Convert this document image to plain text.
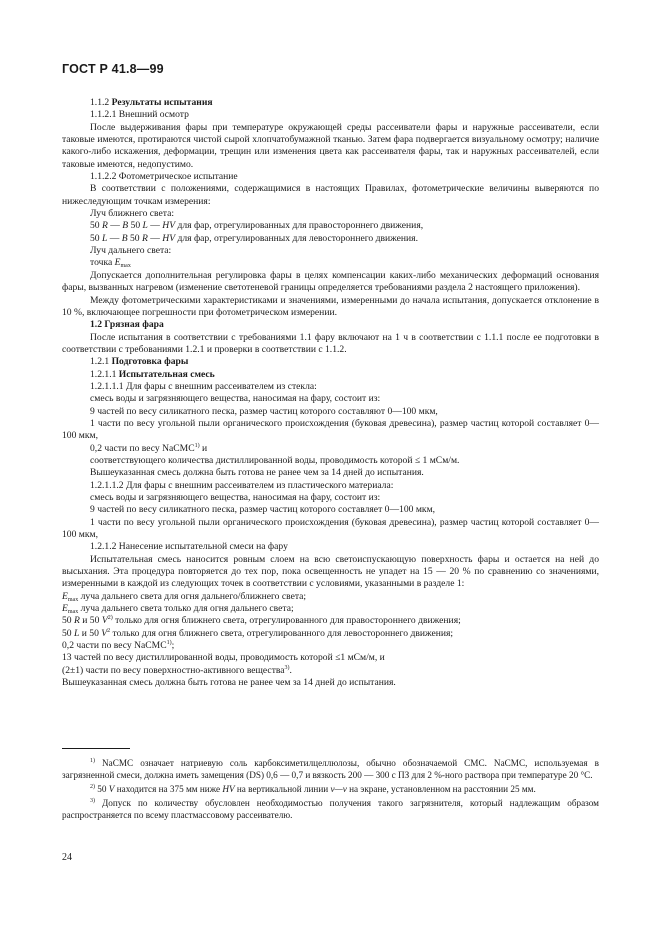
ГОСТ Р 41.8—99

1.1.2 Результаты испытания

1.1.2.1 Внешний осмотр

После выдерживания фары при температуре окружающей среды рассеиватели фары и наружные рассеиватели, если таковые имеются, протираются чистой сырой хлопчатобумажной тканью. Затем фара подвергается визуальному осмотру; наличие какого-либо искажения, деформации, трещин или изменения цвета как рассеивателя фары, так и наружных рассеивателей, если таковые имеются, недопустимо.

1.1.2.2 Фотометрическое испытание

В соответствии с положениями, содержащимися в настоящих Правилах, фотометрические величины выверяются по нижеследующим точкам измерения:

Луч ближнего света:

50 R — B 50 L — HV для фар, отрегулированных для правостороннего движения,

50 L — B 50 R — HV для фар, отрегулированных для левостороннего движения.

Луч дальнего света:

точка $E_{max}$

Допускается дополнительная регулировка фары в целях компенсации каких-либо механических деформаций основания фары, вызванных нагревом (изменение светотеневой границы определяется требованиями раздела 2 настоящего приложения).

Между фотометрическими характеристиками и значениями, измеренными до начала испытания, допускается отклонение в 10 %, включающее погрешности при фотометрическом измерении.

1.2 Грязная фара

После испытания в соответствии с требованиями 1.1 фару включают на 1 ч в соответствии с 1.1.1 после ее подготовки в соответствии с требованиями 1.2.1 и проверки в соответствии с 1.1.2.

1.2.1 Подготовка фары

1.2.1.1 Испытательная смесь

1.2.1.1.1 Для фары с внешним рассеивателем из стекла:

смесь воды и загрязняющего вещества, наносимая на фару, состоит из:

9 частей по весу силикатного песка, размер частиц которого составляют 0—100 мкм,

1 части по весу угольной пыли органического происхождения (буковая древесина), размер частиц которой составляет 0—100 мкм,

0,2 части по весу NaCMC$^{1)}$ и

соответствующего количества дистиллированной воды, проводимость которой ≤ 1 мСм/м.

Вышеуказанная смесь должна быть готова не ранее чем за 14 дней до испытания.

1.2.1.1.2 Для фары с внешним рассеивателем из пластического материала:

смесь воды и загрязняющего вещества, наносимая на фару, состоит из:

9 частей по весу силикатного песка, размер частиц которого составляет 0—100 мкм,

1 части по весу угольной пыли органического происхождения (буковая древесина), размер частиц которой составляет 0—100 мкм,

1.2.1.2 Нанесение испытательной смеси на фару

Испытательная смесь наносится ровным слоем на всю светоиспускающую поверхность фары и остается на ней до высыхания. Эта процедура повторяется до тех пор, пока освещенность не упадет на 15 — 20 % по сравнению со значениями, измеренными в каждой из следующих точек в соответствии с условиями, указанными в разделе 1:

$E_{max}$ луча дальнего света для огня дальнего/ближнего света;

$E_{max}$ луча дальнего света только для огня дальнего света;

50 R и 50 $V^{2)}$ только для огня ближнего света, отрегулированного для правостороннего движения;

50 L и 50 $V^2$ только для огня ближнего света, отрегулированного для левостороннего движения;

0,2 части по весу NaCMC$^{1)}$;

13 частей по весу дистиллированной воды, проводимость которой ≤1 мСм/м, и

(2±1) части по весу поверхностно-активного вещества$^{3)}$.

Вышеуказанная смесь должна быть готова не ранее чем за 14 дней до испытания.

$^{1)}$ NaCMC означает натриевую соль карбоксиметилцеллюлозы, обычно обозначаемой CMC. NaCMC, используемая в загрязненной смеси, должна иметь замещения (DS) 0,6 — 0,7 и вязкость 200 — 300 с ПЗ для 2 %-ного раствора при температуре 20 °С.

$^{2)}$ 50 V находится на 375 мм ниже HV на вертикальной линии v—v на экране, установленном на расстоянии 25 мм.

$^{3)}$ Допуск по количеству обусловлен необходимостью получения такого загрязнителя, который надлежащим образом распространяется по всему пластмассовому рассеивателю.

24
